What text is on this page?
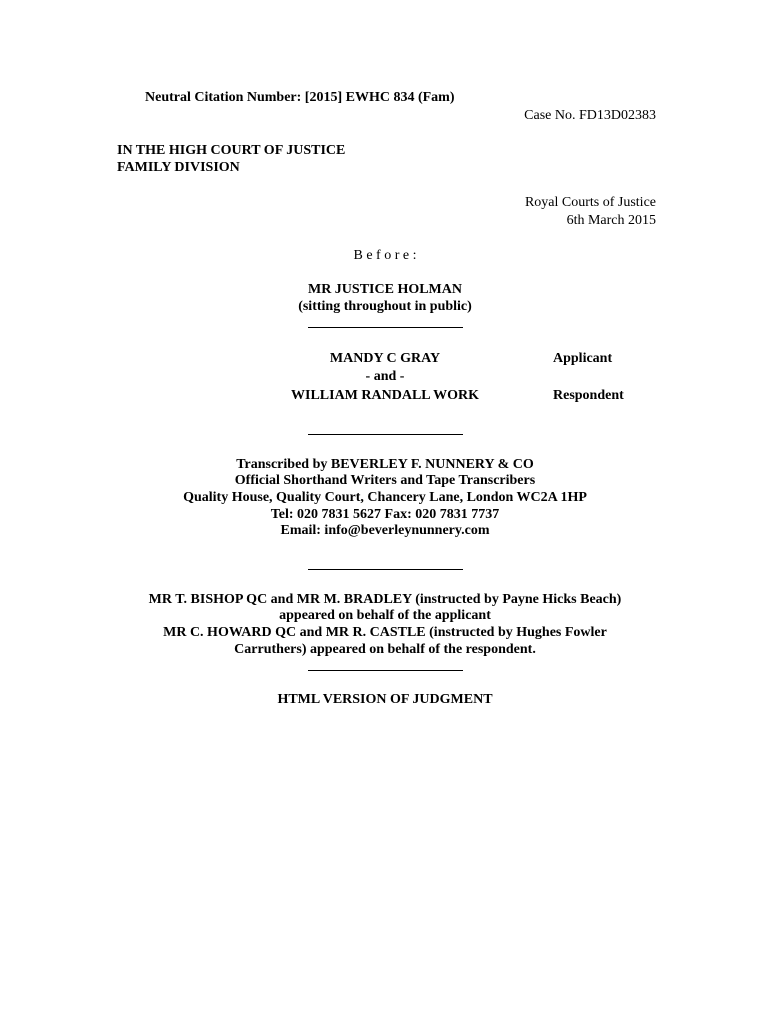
Neutral Citation Number: [2015] EWHC 834 (Fam)
Case No. FD13D02383
IN THE HIGH COURT OF JUSTICE
FAMILY DIVISION
Royal Courts of Justice
6th March 2015
B e f o r e :
MR JUSTICE HOLMAN
(sitting throughout in public)
MANDY C GRAY	Applicant
- and -
WILLIAM RANDALL WORK	Respondent
Transcribed by BEVERLEY F. NUNNERY & CO
Official Shorthand Writers and Tape Transcribers
Quality House, Quality Court, Chancery Lane, London WC2A 1HP
Tel: 020 7831 5627 Fax: 020 7831 7737
Email: info@beverleynunnery.com
MR T. BISHOP QC and MR M. BRADLEY (instructed by Payne Hicks Beach)
appeared on behalf of the applicant
MR C. HOWARD QC and MR R. CASTLE (instructed by Hughes Fowler
Carruthers) appeared on behalf of the respondent.
HTML VERSION OF JUDGMENT
